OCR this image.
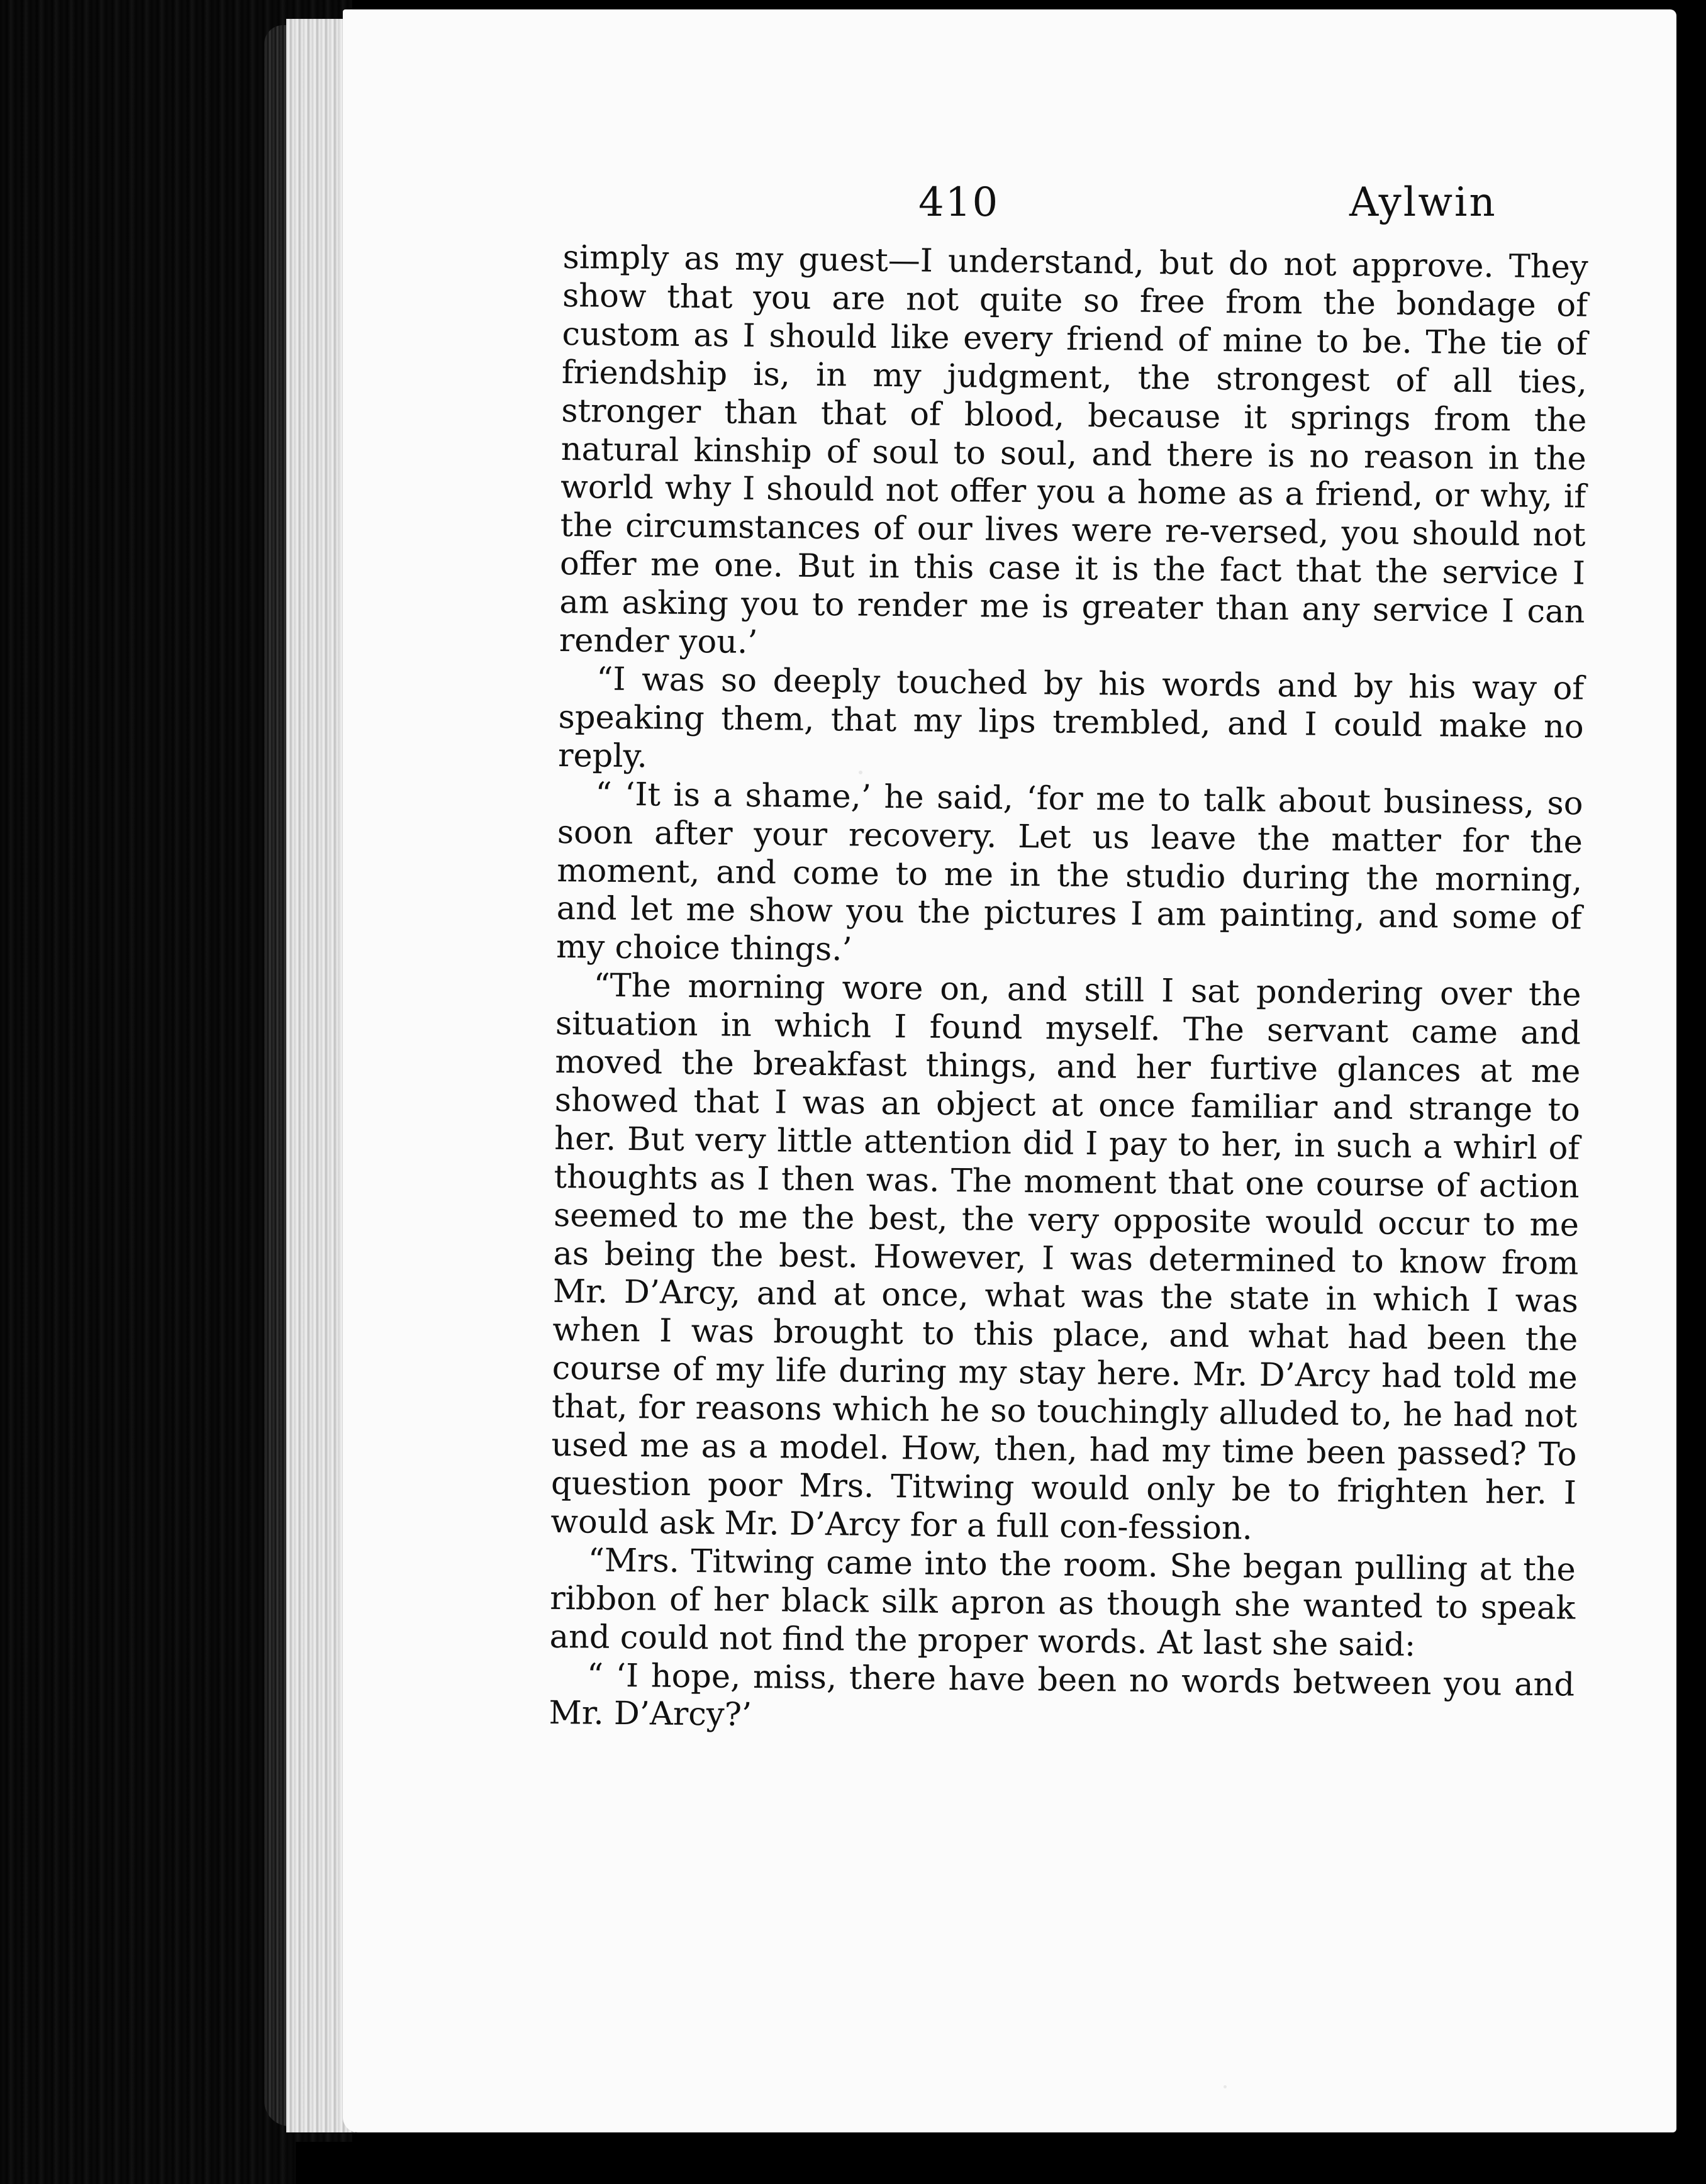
410	Aylwin

simply as my guest—I understand, but do not approve. They show that you are not quite so free from the bondage of custom as I should like every friend of mine to be. The tie of friendship is, in my judgment, the strongest of all ties, stronger than that of blood, because it springs from the natural kinship of soul to soul, and there is no reason in the world why I should not offer you a home as a friend, or why, if the circumstances of our lives were re-versed, you should not offer me one. But in this case it is the fact that the service I am asking you to render me is greater than any service I can render you.’

“I was so deeply touched by his words and by his way of speaking them, that my lips trembled, and I could make no reply.

“ ‘It is a shame,’ he said, ‘for me to talk about business, so soon after your recovery. Let us leave the matter for the moment, and come to me in the studio during the morning, and let me show you the pictures I am painting, and some of my choice things.’

“The morning wore on, and still I sat pondering over the situation in which I found myself. The servant came and moved the breakfast things, and her furtive glances at me showed that I was an object at once familiar and strange to her. But very little attention did I pay to her, in such a whirl of thoughts as I then was. The moment that one course of action seemed to me the best, the very opposite would occur to me as being the best. However, I was determined to know from Mr. D’Arcy, and at once, what was the state in which I was when I was brought to this place, and what had been the course of my life during my stay here. Mr. D’Arcy had told me that, for reasons which he so touchingly alluded to, he had not used me as a model. How, then, had my time been passed? To question poor Mrs. Titwing would only be to frighten her. I would ask Mr. D’Arcy for a full con-fession.

“Mrs. Titwing came into the room. She began pulling at the ribbon of her black silk apron as though she wanted to speak and could not find the proper words. At last she said:

“ ‘I hope, miss, there have been no words between you and Mr. D’Arcy?’
